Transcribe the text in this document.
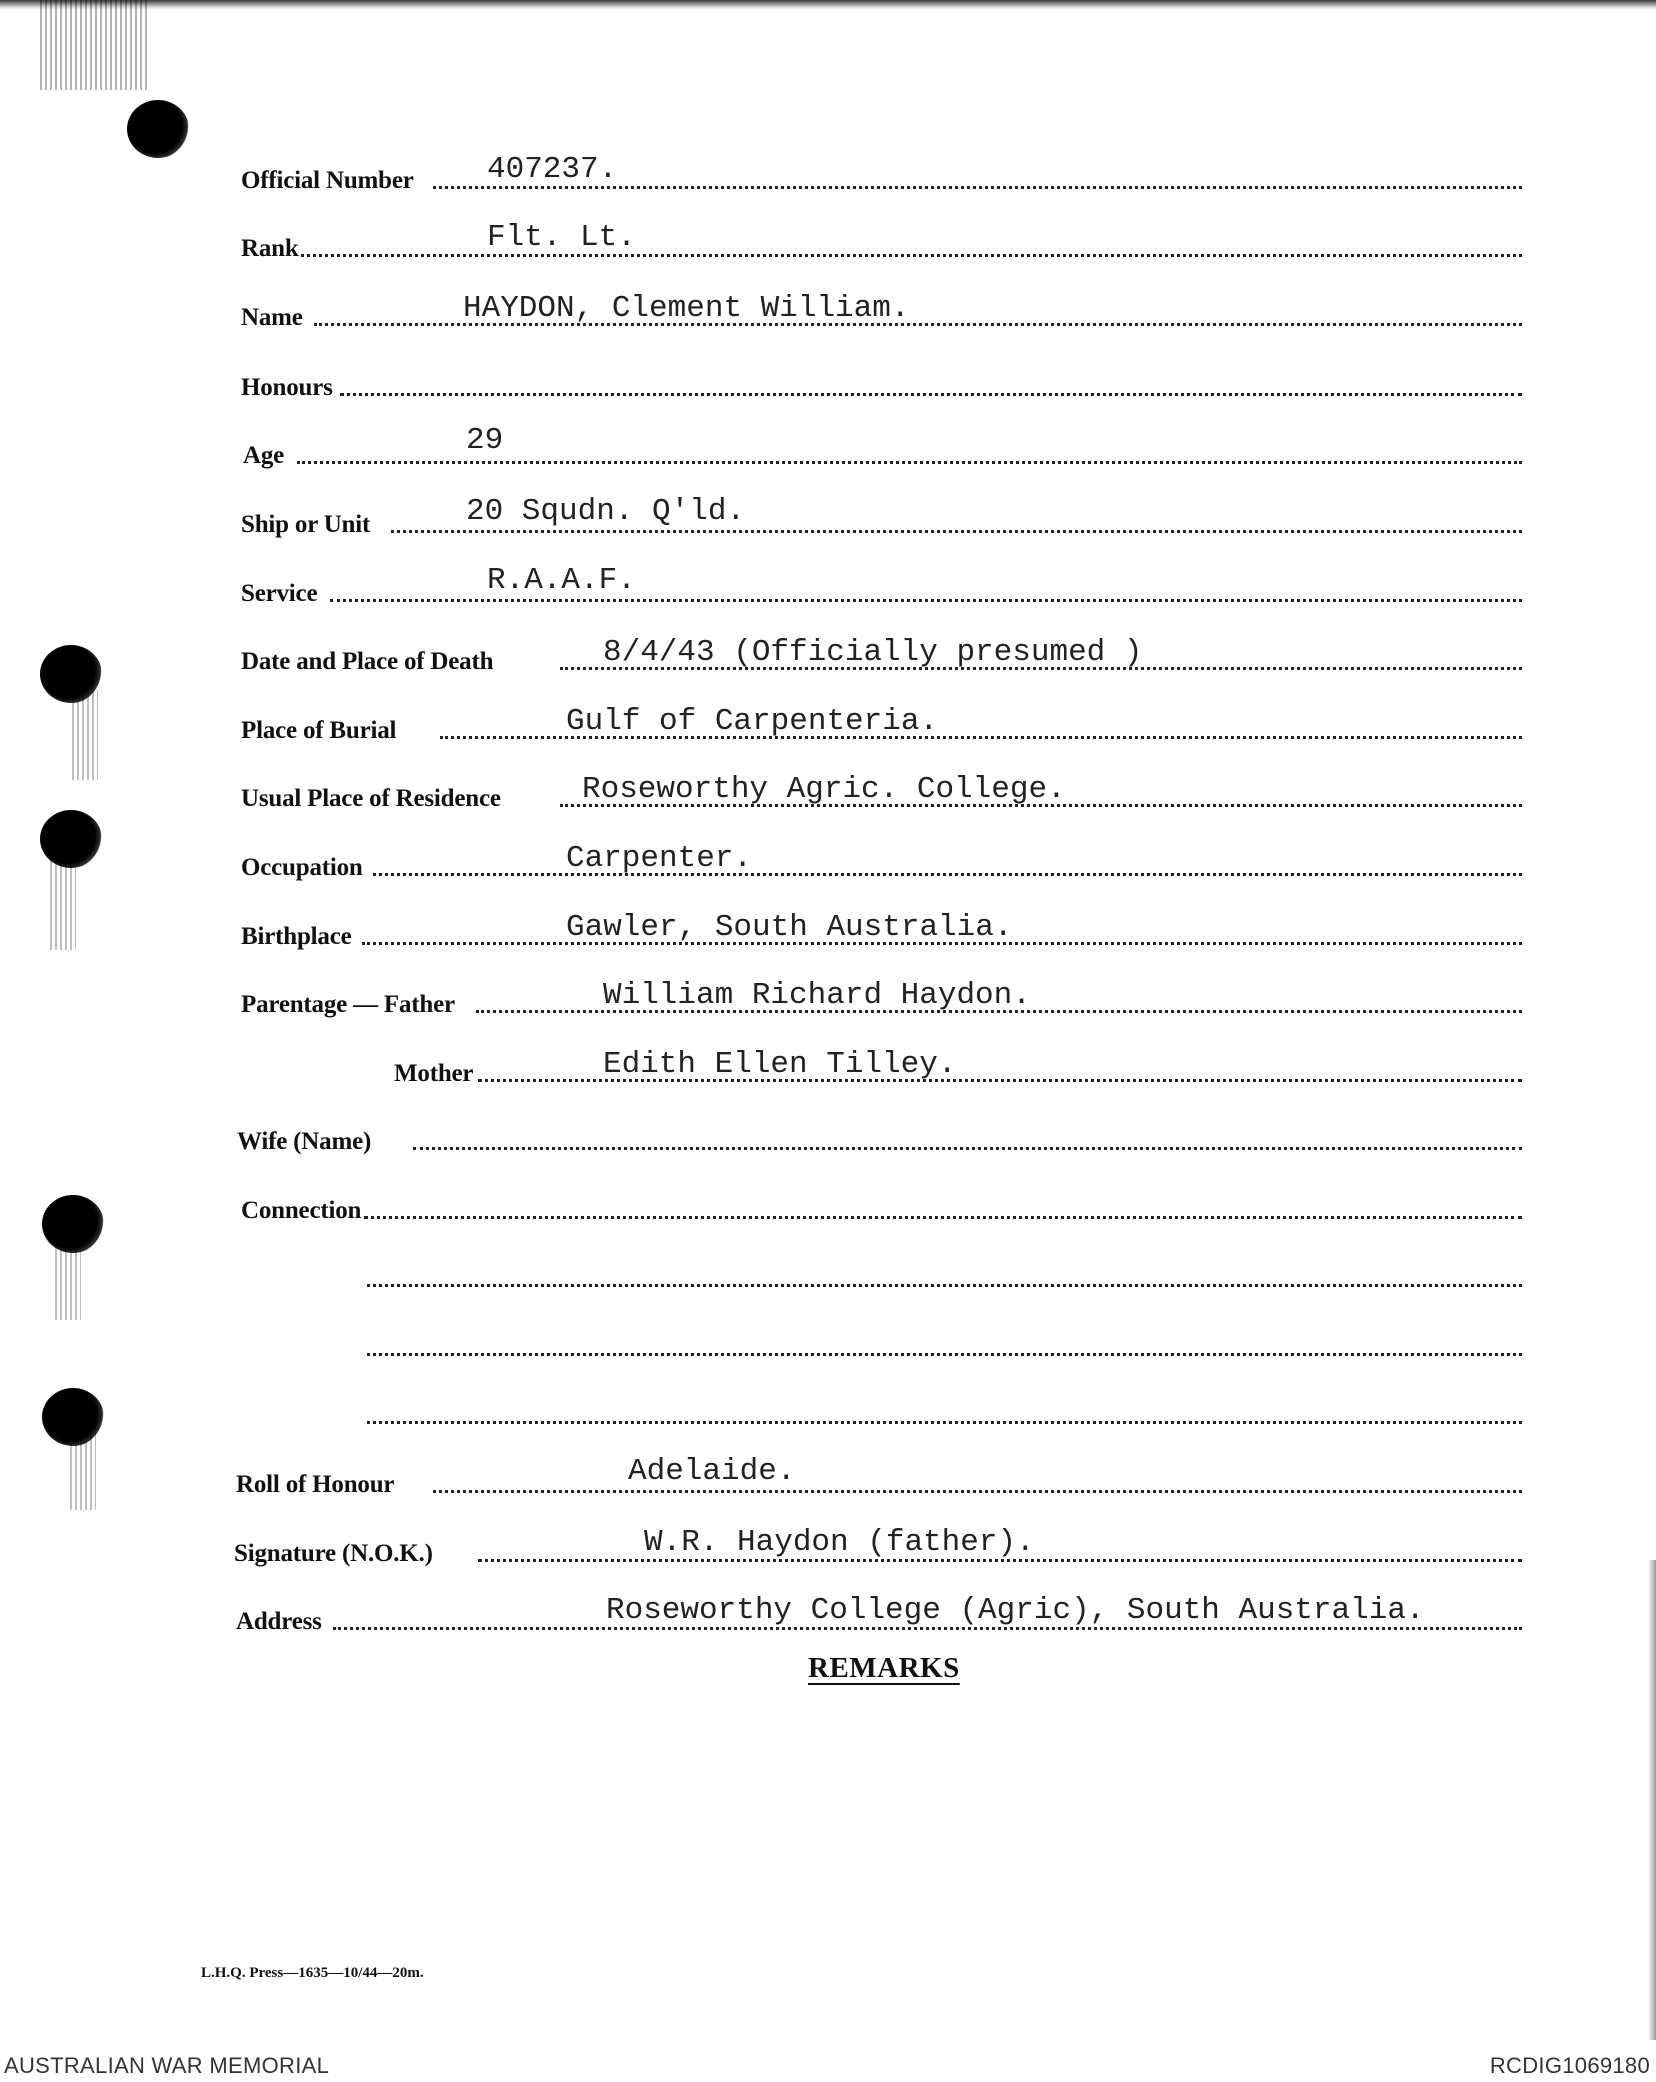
Official Number 407237.
Rank	Flt. Lt.
Name	HAYDON, Clement William.
Honours
Age	29
Ship or Unit	20 Squdn. Q'ld.
Service	R.A.A.F.
Date and Place of Death	8/4/43 (Officially presumed )
Place of Burial	Gulf of Carpenteria.
Usual Place of Residence	Roseworthy Agric. College.
Occupation	Carpenter.
Birthplace	Gawler, South Australia.
Parentage — Father	William Richard Haydon.
Mother	Edith Ellen Tilley.
Wife (Name)
Connection
Roll of Honour	Adelaide.
Signature (N.O.K.)	W.R. Haydon (father).
Address	Roseworthy College (Agric), South Australia.
REMARKS
L.H.Q. Press—1635—10/44—20m.
AUSTRALIAN WAR MEMORIAL	RCDIG1069180
